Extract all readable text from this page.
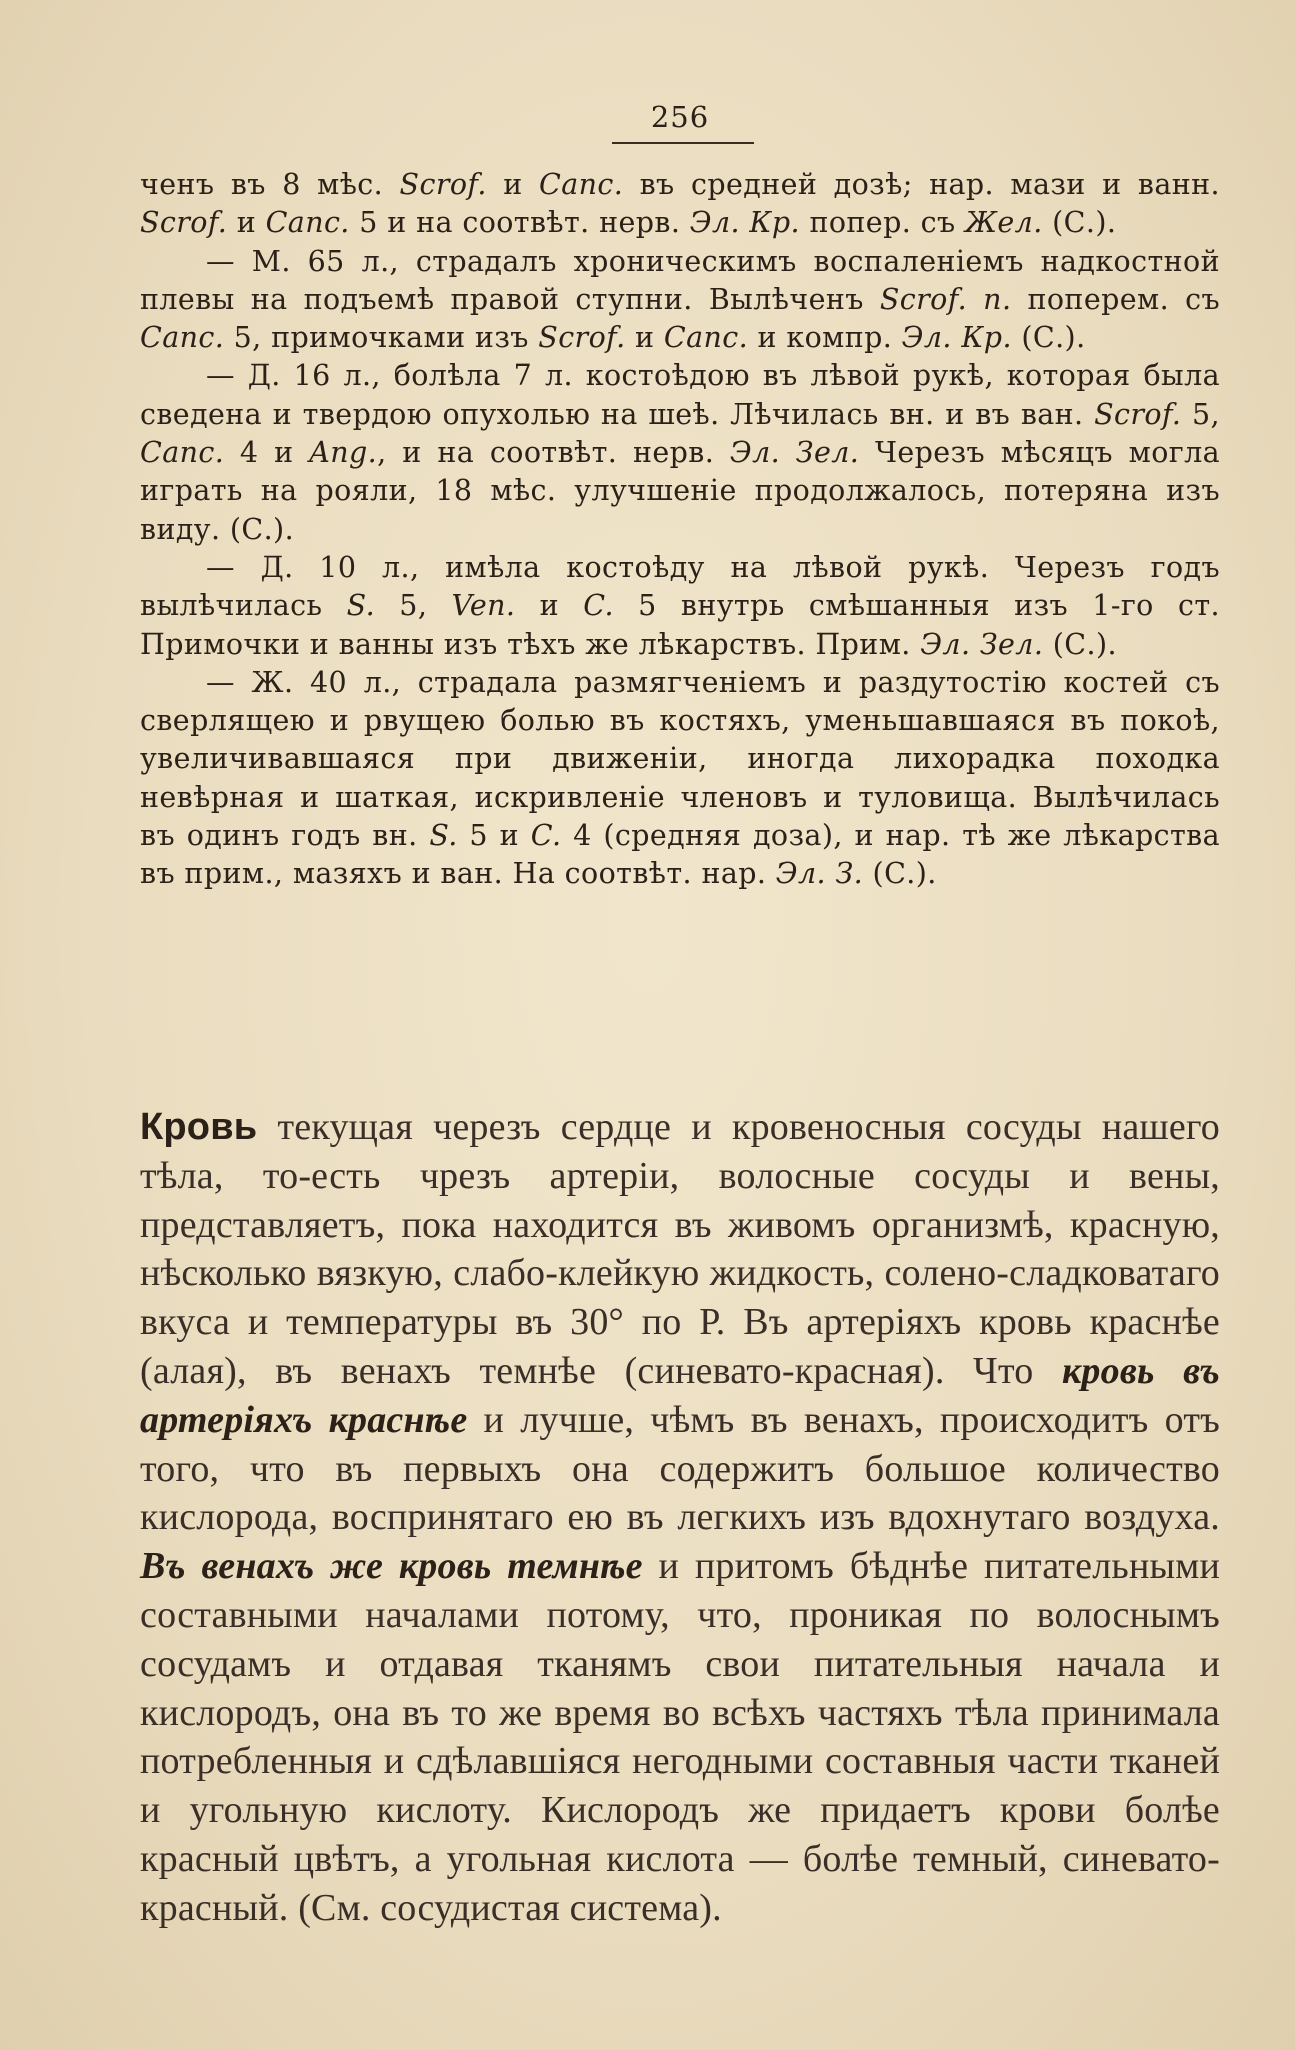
256

ченъ въ 8 мѣс. Scrof. и Canc. въ средней дозѣ; нар. мази и ванн. Scrof. и Canc. 5 и на соотвѣт. нерв. Эл. Кр. попер. съ Жел. (С.).

— М. 65 л., страдалъ хроническимъ воспаленіемъ надкостной плевы на подъемѣ правой ступни. Вылѣченъ Scrof. n. поперем. съ Canc. 5, примочками изъ Scrof. и Canc. и компр. Эл. Кр. (С.).

— Д. 16 л., болѣла 7 л. костоѣдою въ лѣвой рукѣ, которая была сведена и твердою опухолью на шеѣ. Лѣчилась вн. и въ ван. Scrof. 5, Canc. 4 и Ang., и на соотвѣт. нерв. Эл. Зел. Черезъ мѣсяцъ могла играть на рояли, 18 мѣс. улучшеніе продолжалось, потеряна изъ виду. (С.).

— Д. 10 л., имѣла костоѣду на лѣвой рукѣ. Черезъ годъ вылѣчилась S. 5, Ven. и C. 5 внутрь смѣшанныя изъ 1-го ст. Примочки и ванны изъ тѣхъ же лѣкарствъ. Прим. Эл. Зел. (С.).

— Ж. 40 л., страдала размягченіемъ и раздутостію костей съ сверлящею и рвущею болью въ костяхъ, уменьшавшаяся въ покоѣ, увеличивавшаяся при движеніи, иногда лихорадка походка невѣрная и шаткая, искривленіе членовъ и туловища. Вылѣчилась въ одинъ годъ вн. S. 5 и C. 4 (средняя доза), и нар. тѣ же лѣкарства въ прим., мазяхъ и ван. На соотвѣт. нар. Эл. З. (С.).

Кровь текущая черезъ сердце и кровеносныя сосуды нашего тѣла, то-есть чрезъ артеріи, волосные сосуды и вены, представляетъ, пока находится въ живомъ организмѣ, красную, нѣсколько вязкую, слабо-клейкую жидкость, солено-сладковатаго вкуса и температуры въ 30° по Р. Въ артеріяхъ кровь краснѣе (алая), въ венахъ темнѣе (синевато-красная). Что кровь въ артеріяхъ краснѣе и лучше, чѣмъ въ венахъ, происходитъ отъ того, что въ первыхъ она содержитъ большое количество кислорода, воспринятаго ею въ легкихъ изъ вдохнутаго воздуха. Въ венахъ же кровь темнѣе и притомъ бѣднѣе питательными составными началами потому, что, проникая по волоснымъ сосудамъ и отдавая тканямъ свои питательныя начала и кислородъ, она въ то же время во всѣхъ частяхъ тѣла принимала потребленныя и сдѣлавшіяся негодными составныя части тканей и угольную кислоту. Кислородъ же придаетъ крови болѣе красный цвѣтъ, а угольная кислота — болѣе темный, синевато-красный. (См. сосудистая система).
